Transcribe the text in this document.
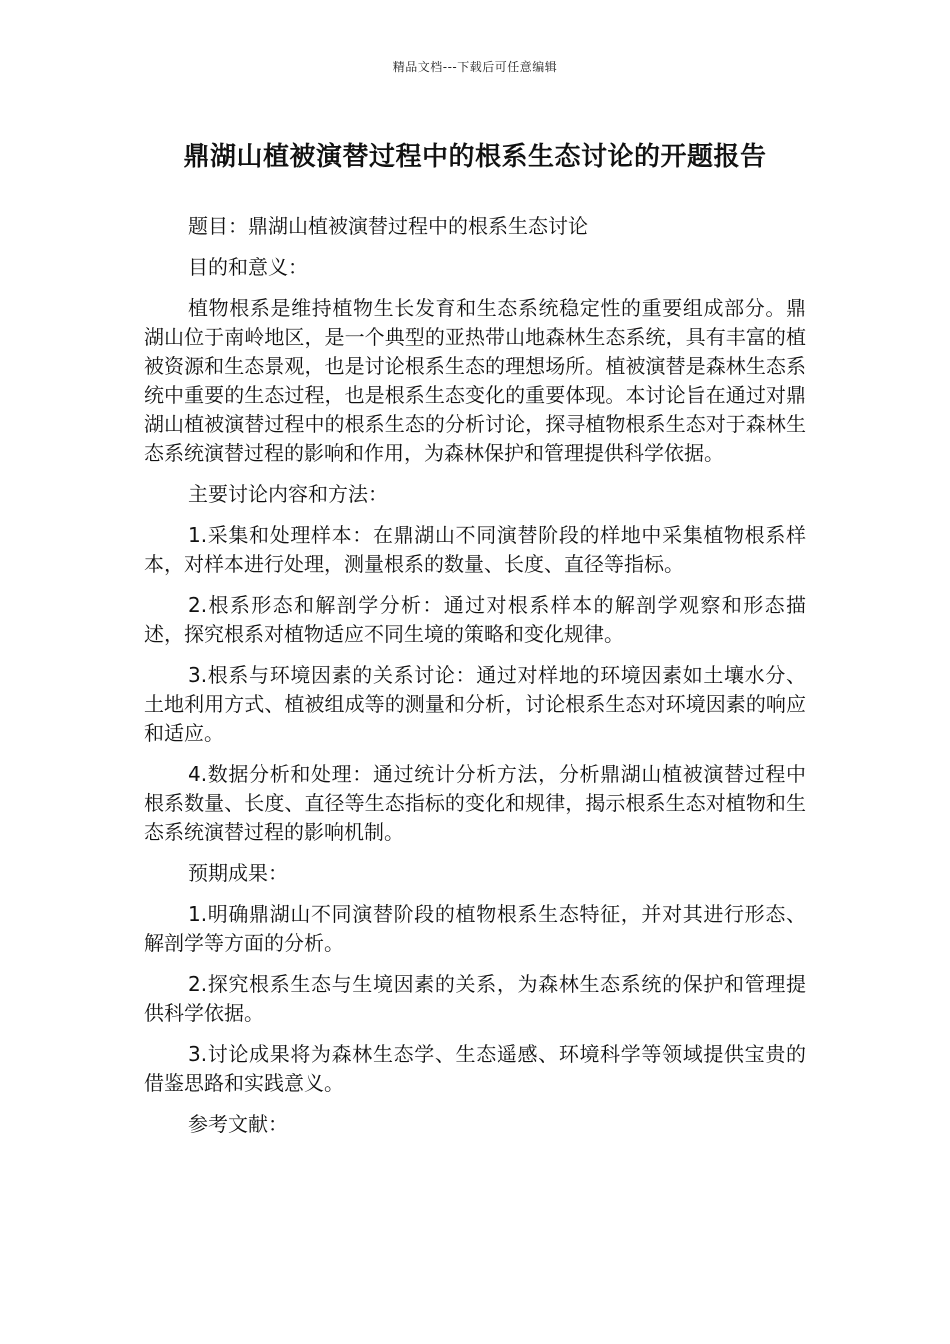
精品文档---下载后可任意编辑
鼎湖山植被演替过程中的根系生态讨论的开题报告

题目：鼎湖山植被演替过程中的根系生态讨论

目的和意义：

植物根系是维持植物生长发育和生态系统稳定性的重要组成部分。鼎湖山位于南岭地区，是一个典型的亚热带山地森林生态系统，具有丰富的植被资源和生态景观，也是讨论根系生态的理想场所。植被演替是森林生态系统中重要的生态过程，也是根系生态变化的重要体现。本讨论旨在通过对鼎湖山植被演替过程中的根系生态的分析讨论，探寻植物根系生态对于森林生态系统演替过程的影响和作用，为森林保护和管理提供科学依据。

主要讨论内容和方法：

1.采集和处理样本：在鼎湖山不同演替阶段的样地中采集植物根系样本，对样本进行处理，测量根系的数量、长度、直径等指标。

2.根系形态和解剖学分析：通过对根系样本的解剖学观察和形态描述，探究根系对植物适应不同生境的策略和变化规律。

3.根系与环境因素的关系讨论：通过对样地的环境因素如土壤水分、土地利用方式、植被组成等的测量和分析，讨论根系生态对环境因素的响应和适应。

4.数据分析和处理：通过统计分析方法，分析鼎湖山植被演替过程中根系数量、长度、直径等生态指标的变化和规律，揭示根系生态对植物和生态系统演替过程的影响机制。

预期成果：

1.明确鼎湖山不同演替阶段的植物根系生态特征，并对其进行形态、解剖学等方面的分析。

2.探究根系生态与生境因素的关系，为森林生态系统的保护和管理提供科学依据。

3.讨论成果将为森林生态学、生态遥感、环境科学等领域提供宝贵的借鉴思路和实践意义。

参考文献：
